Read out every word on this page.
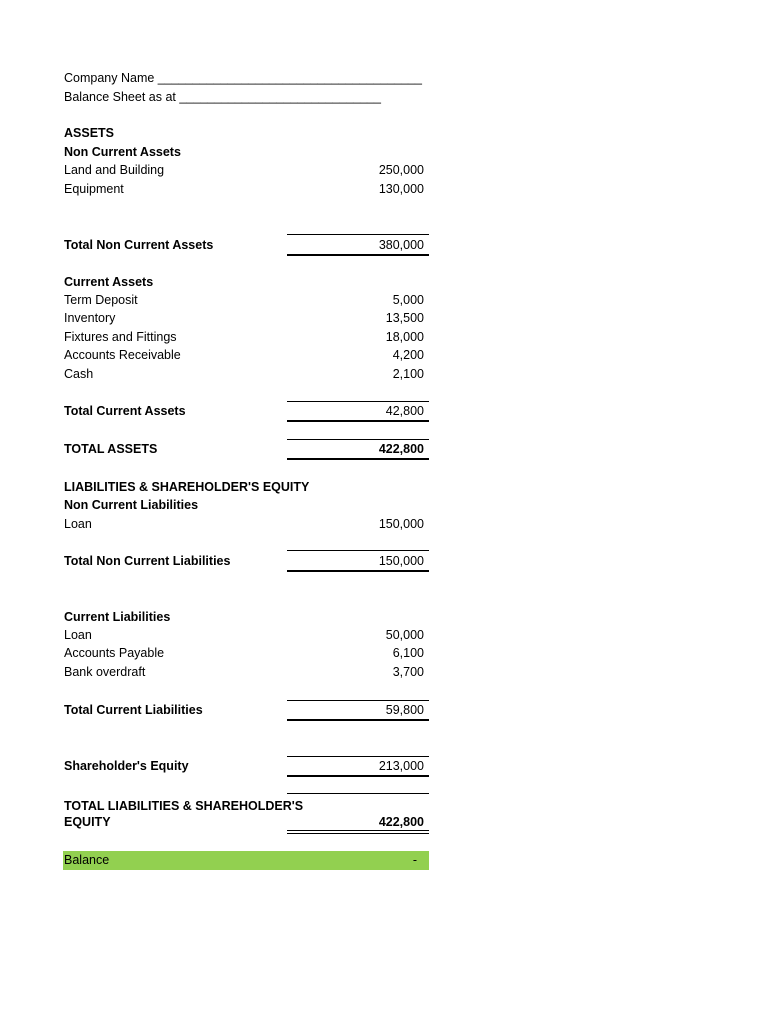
Company Name ______________________________________
Balance Sheet as at _____________________________
ASSETS
Non Current Assets
Land and Building	250,000
Equipment	130,000
Total Non Current Assets	380,000
Current Assets
Term Deposit	5,000
Inventory	13,500
Fixtures and Fittings	18,000
Accounts Receivable	4,200
Cash	2,100
Total Current Assets	42,800
TOTAL ASSETS	422,800
LIABILITIES & SHAREHOLDER'S EQUITY
Non Current Liabilities
Loan	150,000
Total Non Current Liabilities	150,000
Current Liabilities
Loan	50,000
Accounts Payable	6,100
Bank overdraft	3,700
Total Current Liabilities	59,800
Shareholder's Equity	213,000
TOTAL LIABILITIES & SHAREHOLDER'S
EQUITY	422,800
Balance	-
